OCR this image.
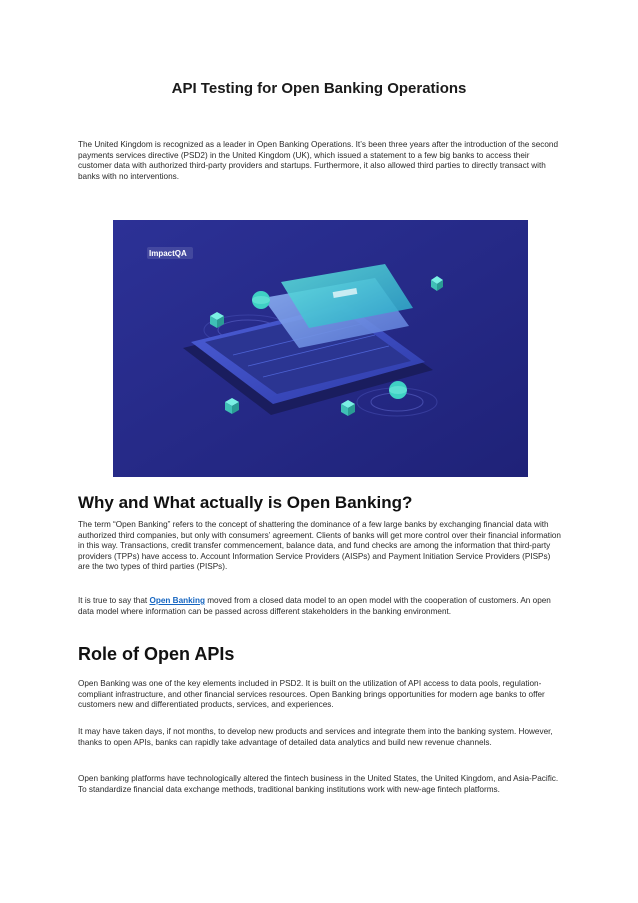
API Testing for Open Banking Operations
The United Kingdom is recognized as a leader in Open Banking Operations. It’s been three years after the introduction of the second payments services directive (PSD2) in the United Kingdom (UK), which issued a statement to a few big banks to access their customer data with authorized third-party providers and startups. Furthermore, it also allowed third parties to directly transact with banks with no interventions.
ImpactQA
Why and What actually is Open Banking?
The term “Open Banking” refers to the concept of shattering the dominance of a few large banks by exchanging financial data with authorized third companies, but only with consumers’ agreement. Clients of banks will get more control over their financial information in this way. Transactions, credit transfer commencement, balance data, and fund checks are among the information that third-party providers (TPPs) have access to. Account Information Service Providers (AISPs) and Payment Initiation Service Providers (PISPs) are the two types of third parties (PISPs).
It is true to say that Open Banking moved from a closed data model to an open model with the cooperation of customers. An open data model where information can be passed across different stakeholders in the banking environment.
Role of Open APIs
Open Banking was one of the key elements included in PSD2. It is built on the utilization of API access to data pools, regulation-compliant infrastructure, and other financial services resources. Open Banking brings opportunities for modern age banks to offer customers new and differentiated products, services, and experiences.
It may have taken days, if not months, to develop new products and services and integrate them into the banking system. However, thanks to open APIs, banks can rapidly take advantage of detailed data analytics and build new revenue channels.
Open banking platforms have technologically altered the fintech business in the United States, the United Kingdom, and Asia-Pacific. To standardize financial data exchange methods, traditional banking institutions work with new-age fintech platforms.
